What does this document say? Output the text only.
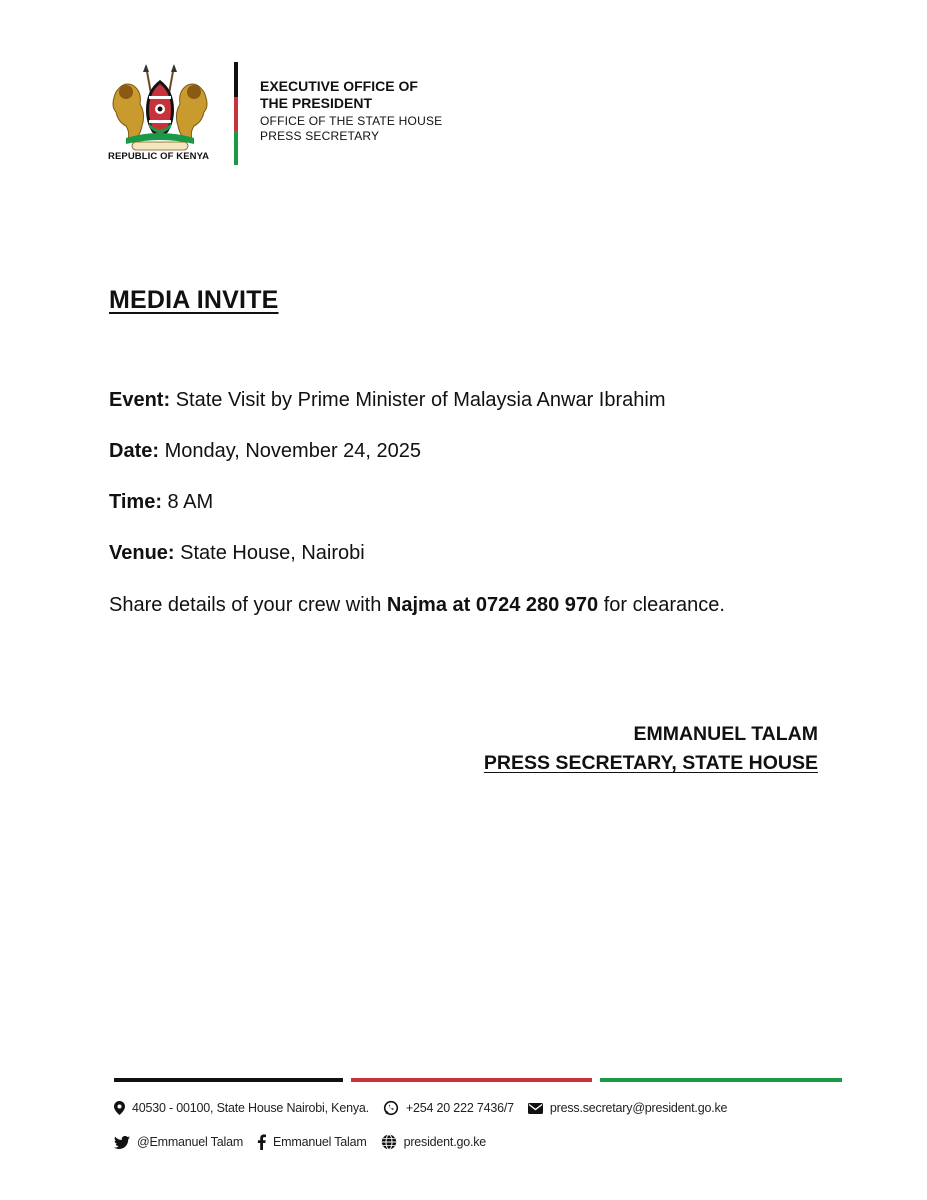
REPUBLIC OF KENYA
EXECUTIVE OFFICE OF
THE PRESIDENT
OFFICE OF THE STATE HOUSE
PRESS SECRETARY
MEDIA INVITE
Event: State Visit by Prime Minister of Malaysia Anwar Ibrahim
Date: Monday, November 24, 2025
Time: 8 AM
Venue: State House, Nairobi
Share details of your crew with Najma at 0724 280 970 for clearance.
EMMANUEL TALAM
PRESS SECRETARY, STATE HOUSE
40530 - 00100, State House Nairobi, Kenya.	+254 20 222 7436/7	press.secretary@president.go.ke
@Emmanuel Talam Emmanuel Talam	president.go.ke
